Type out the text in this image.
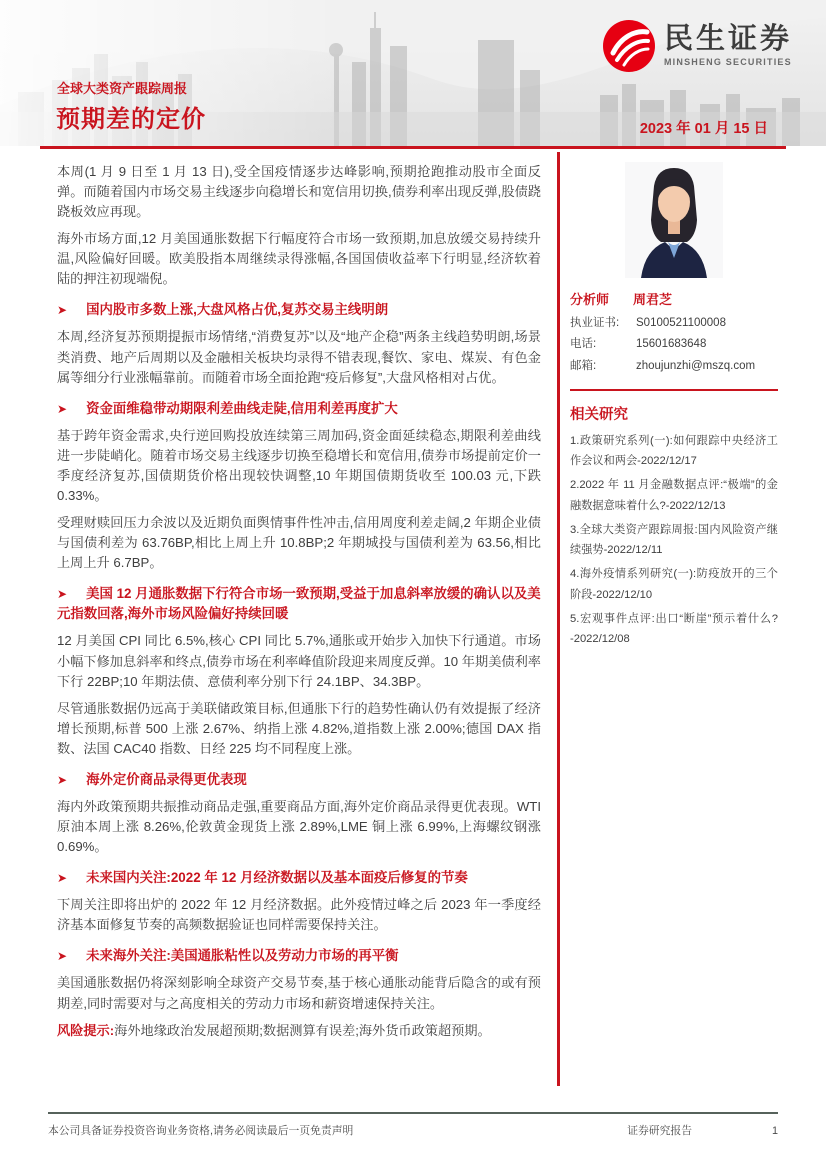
民生证券
MINSHENG SECURITIES
全球大类资产跟踪周报
预期差的定价	2023 年 01 月 15 日

本周(1 月 9 日至 1 月 13 日),受全国疫情逐步达峰影响,预期抢跑推动股市全面反弹。而随着国内市场交易主线逐步向稳增长和宽信用切换,债券利率出现反弹,股债跷跷板效应再现。

海外市场方面,12 月美国通胀数据下行幅度符合市场一致预期,加息放缓交易持续升温,风险偏好回暖。欧美股指本周继续录得涨幅,各国国债收益率下行明显,经济软着陆的押注初现端倪。

➤ 国内股市多数上涨,大盘风格占优,复苏交易主线明朗

本周,经济复苏预期提振市场情绪,“消费复苏”以及“地产企稳”两条主线趋势明朗,场景类消费、地产后周期以及金融相关板块均录得不错表现,餐饮、家电、煤炭、有色金属等细分行业涨幅靠前。而随着市场全面抢跑“疫后修复”,大盘风格相对占优。

➤ 资金面维稳带动期限利差曲线走陡,信用利差再度扩大

基于跨年资金需求,央行逆回购投放连续第三周加码,资金面延续稳态,期限利差曲线进一步陡峭化。随着市场交易主线逐步切换至稳增长和宽信用,债券市场提前定价一季度经济复苏,国债期货价格出现较快调整,10 年期国债期货收至 100.03 元,下跌 0.33%。

受理财赎回压力余波以及近期负面舆情事件性冲击,信用周度利差走阔,2 年期企业债与国债利差为 63.76BP,相比上周上升 10.8BP;2 年期城投与国债利差为 63.56,相比上周上升 6.7BP。

➤ 美国 12 月通胀数据下行符合市场一致预期,受益于加息斜率放缓的确认以及美元指数回落,海外市场风险偏好持续回暖

12 月美国 CPI 同比 6.5%,核心 CPI 同比 5.7%,通胀或开始步入加快下行通道。市场小幅下修加息斜率和终点,债券市场在利率峰值阶段迎来周度反弹。10 年期美债利率下行 22BP;10 年期法债、意债利率分别下行 24.1BP、34.3BP。

尽管通胀数据仍远高于美联储政策目标,但通胀下行的趋势性确认仍有效提振了经济增长预期,标普 500 上涨 2.67%、纳指上涨 4.82%,道指数上涨 2.00%;德国 DAX 指数、法国 CAC40 指数、日经 225 均不同程度上涨。

➤ 海外定价商品录得更优表现

海内外政策预期共振推动商品走强,重要商品方面,海外定价商品录得更优表现。WTI 原油本周上涨 8.26%,伦敦黄金现货上涨 2.89%,LME 铜上涨 6.99%,上海螺纹钢涨 0.69%。

➤ 未来国内关注:2022 年 12 月经济数据以及基本面疫后修复的节奏

下周关注即将出炉的 2022 年 12 月经济数据。此外疫情过峰之后 2023 年一季度经济基本面修复节奏的高频数据验证也同样需要保持关注。

➤ 未来海外关注:美国通胀粘性以及劳动力市场的再平衡

美国通胀数据仍将深刻影响全球资产交易节奏,基于核心通胀动能背后隐含的或有预期差,同时需要对与之高度相关的劳动力市场和薪资增速保持关注。

风险提示:海外地缘政治发展超预期;数据测算有误差;海外货币政策超预期。

分析师 周君芝
执业证书:	S0100521100008
电话:	15601683648
邮箱:	zhoujunzhi@mszq.com
相关研究
1.政策研究系列(一):如何跟踪中央经济工作会议和两会-2022/12/17
2.2022 年 11 月金融数据点评:“极端”的金融数据意味着什么?-2022/12/13
3.全球大类资产跟踪周报:国内风险资产继续强势-2022/12/11
4.海外疫情系列研究(一):防疫放开的三个阶段-2022/12/10
5.宏观事件点评:出口“断崖”预示着什么?-2022/12/08
本公司具备证券投资咨询业务资格,请务必阅读最后一页免责声明	证券研究报告	1
